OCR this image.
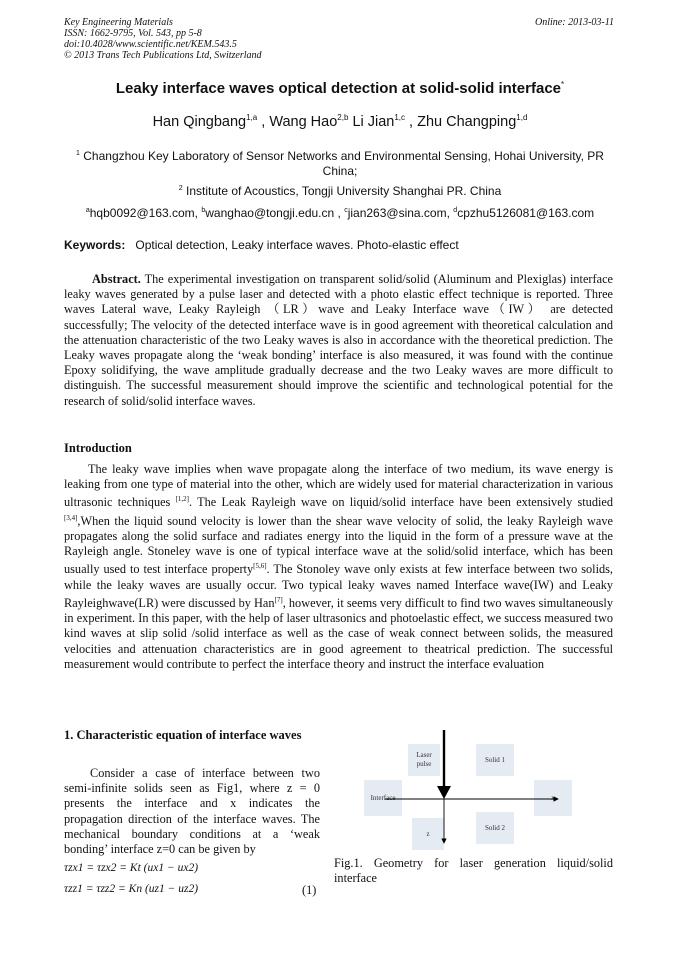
Key Engineering Materials	Online: 2013-03-11
ISSN: 1662-9795, Vol. 543, pp 5-8
doi:10.4028/www.scientific.net/KEM.543.5
© 2013 Trans Tech Publications Ltd, Switzerland
Leaky interface waves optical detection at solid-solid interface*
Han Qingbang$^{1,a}$ , Wang Hao$^{2,b}$ Li Jian$^{1,c}$ , Zhu Changping$^{1,d}$
$^1$ Changzhou Key Laboratory of Sensor Networks and Environmental Sensing, Hohai University, PR China;
$^2$ Institute of Acoustics, Tongji University Shanghai PR. China
$^a$hqb0092@163.com, $^b$wanghao@tongji.edu.cn , $^c$jian263@sina.com, $^d$cpzhu5126081@163.com
Keywords: Optical detection, Leaky interface waves. Photo-elastic effect
Abstract. The experimental investigation on transparent solid/solid (Aluminum and Plexiglas) interface leaky waves generated by a pulse laser and detected with a photo elastic effect technique is reported. Three waves Lateral wave, Leaky Rayleigh （LR）wave and Leaky Interface wave（IW） are detected successfully; The velocity of the detected interface wave is in good agreement with theoretical calculation and the attenuation characteristic of the two Leaky waves is also in accordance with the theoretical prediction. The Leaky waves propagate along the ‘weak bonding’ interface is also measured, it was found with the continue Epoxy solidifying, the wave amplitude gradually decrease and the two Leaky waves are more difficult to distinguish. The successful measurement should improve the scientific and technological potential for the research of solid/solid interface waves.
Introduction
The leaky wave implies when wave propagate along the interface of two medium, its wave energy is leaking from one type of material into the other, which are widely used for material characterization in various ultrasonic techniques [1,2]. The Leak Rayleigh wave on liquid/solid interface have been extensively studied [3,4],When the liquid sound velocity is lower than the shear wave velocity of solid, the leaky Rayleigh wave propagates along the solid surface and radiates energy into the liquid in the form of a pressure wave at the Rayleigh angle. Stoneley wave is one of typical interface wave at the solid/solid interface, which has been usually used to test interface property[5,6]. The Stonoley wave only exists at few interface between two solids, while the leaky waves are usually occur. Two typical leaky waves named Interface wave(IW) and Leaky Rayleighwave(LR) were discussed by Han[7], however, it seems very difficult to find two waves simultaneously in experiment. In this paper, with the help of laser ultrasonics and photoelastic effect, we success measured two kind waves at slip solid /solid interface as well as the case of weak connect between solids, the measured velocities and attenuation characteristics are in good agreement to theatrical prediction. The successful measurement would contribute to perfect the interface theory and instruct the interface evaluation
1. Characteristic equation of interface waves
Consider a case of interface between two semi-infinite solids seen as Fig1, where z = 0 presents the interface and x indicates the propagation direction of the interface waves. The mechanical boundary conditions at a ‘weak bonding’ interface z=0 can be given by
τzx1 = τzx2 = Kt (ux1 − ux2)
τzz1 = τzz2 = Kn (uz1 − uz2)	(1)
Laser pulse
Solid 1
Interface	x
z
Solid 2
Fig.1. Geometry for laser generation liquid/solid interface
